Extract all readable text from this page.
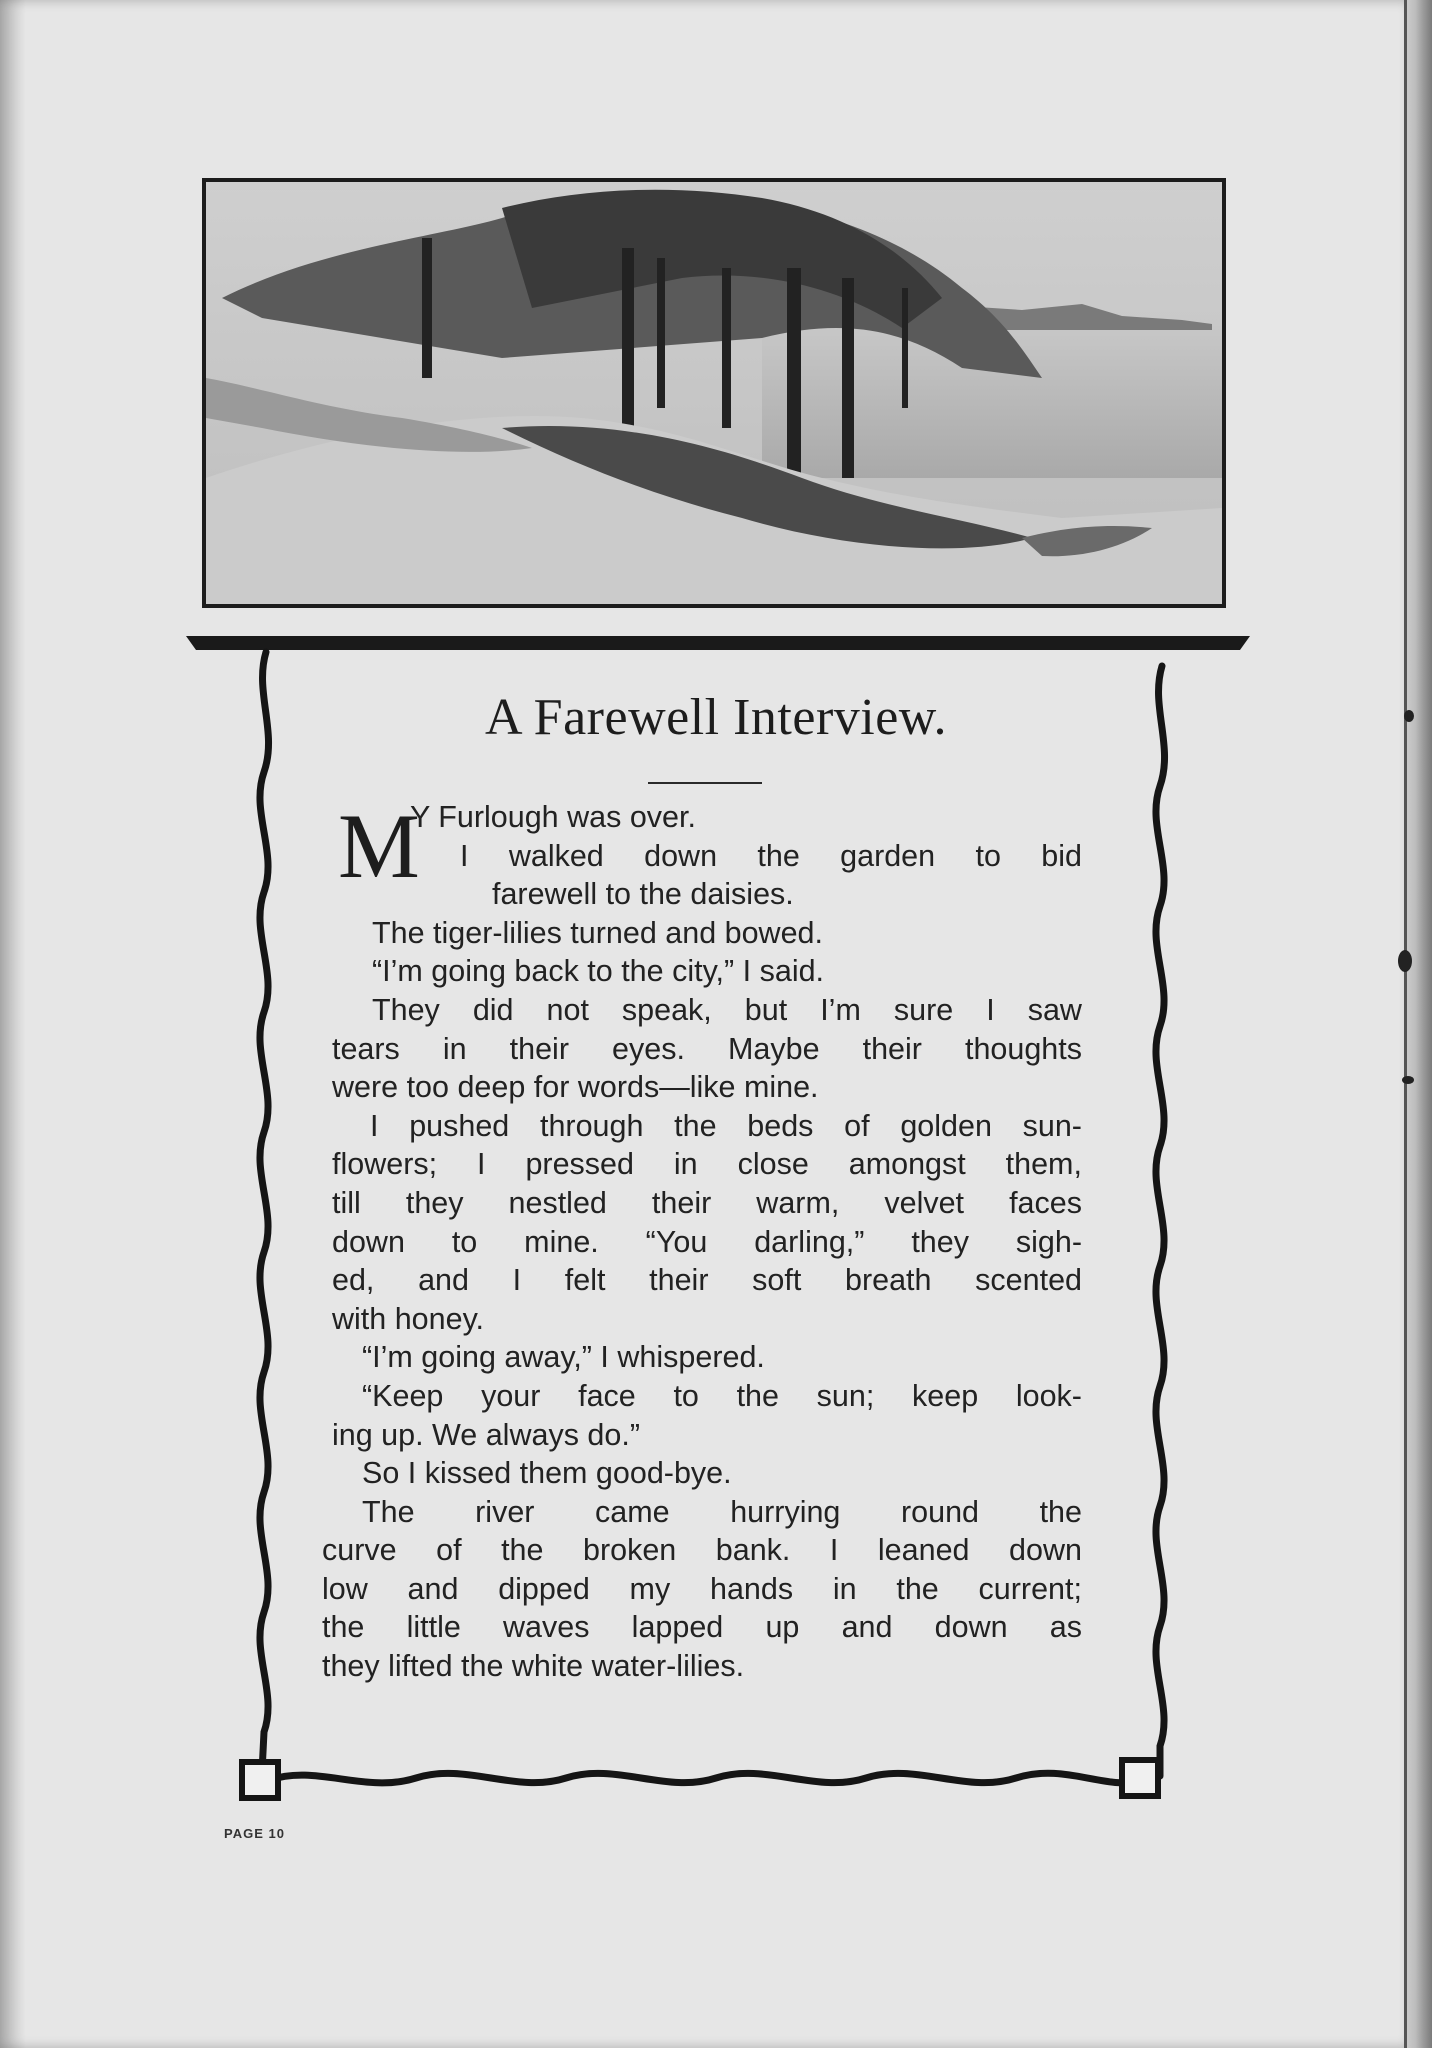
A Farewell Interview.
M
Y Furlough was over.
I walked down the garden to bid
farewell to the daisies.
The tiger-lilies turned and bowed.
“I’m going back to the city,” I said.
They did not speak, but I’m sure I saw
tears in their eyes. Maybe their thoughts
were too deep for words—like mine.
I pushed through the beds of golden sun-
flowers; I pressed in close amongst them,
till they nestled their warm, velvet faces
down to mine. “You darling,” they sigh-
ed, and I felt their soft breath scented
with honey.
“I’m going away,” I whispered.
“Keep your face to the sun; keep look-
ing up. We always do.”
So I kissed them good-bye.
The river came hurrying round the
curve of the broken bank. I leaned down
low and dipped my hands in the current;
the little waves lapped up and down as
they lifted the white water-lilies.
PAGE 10
